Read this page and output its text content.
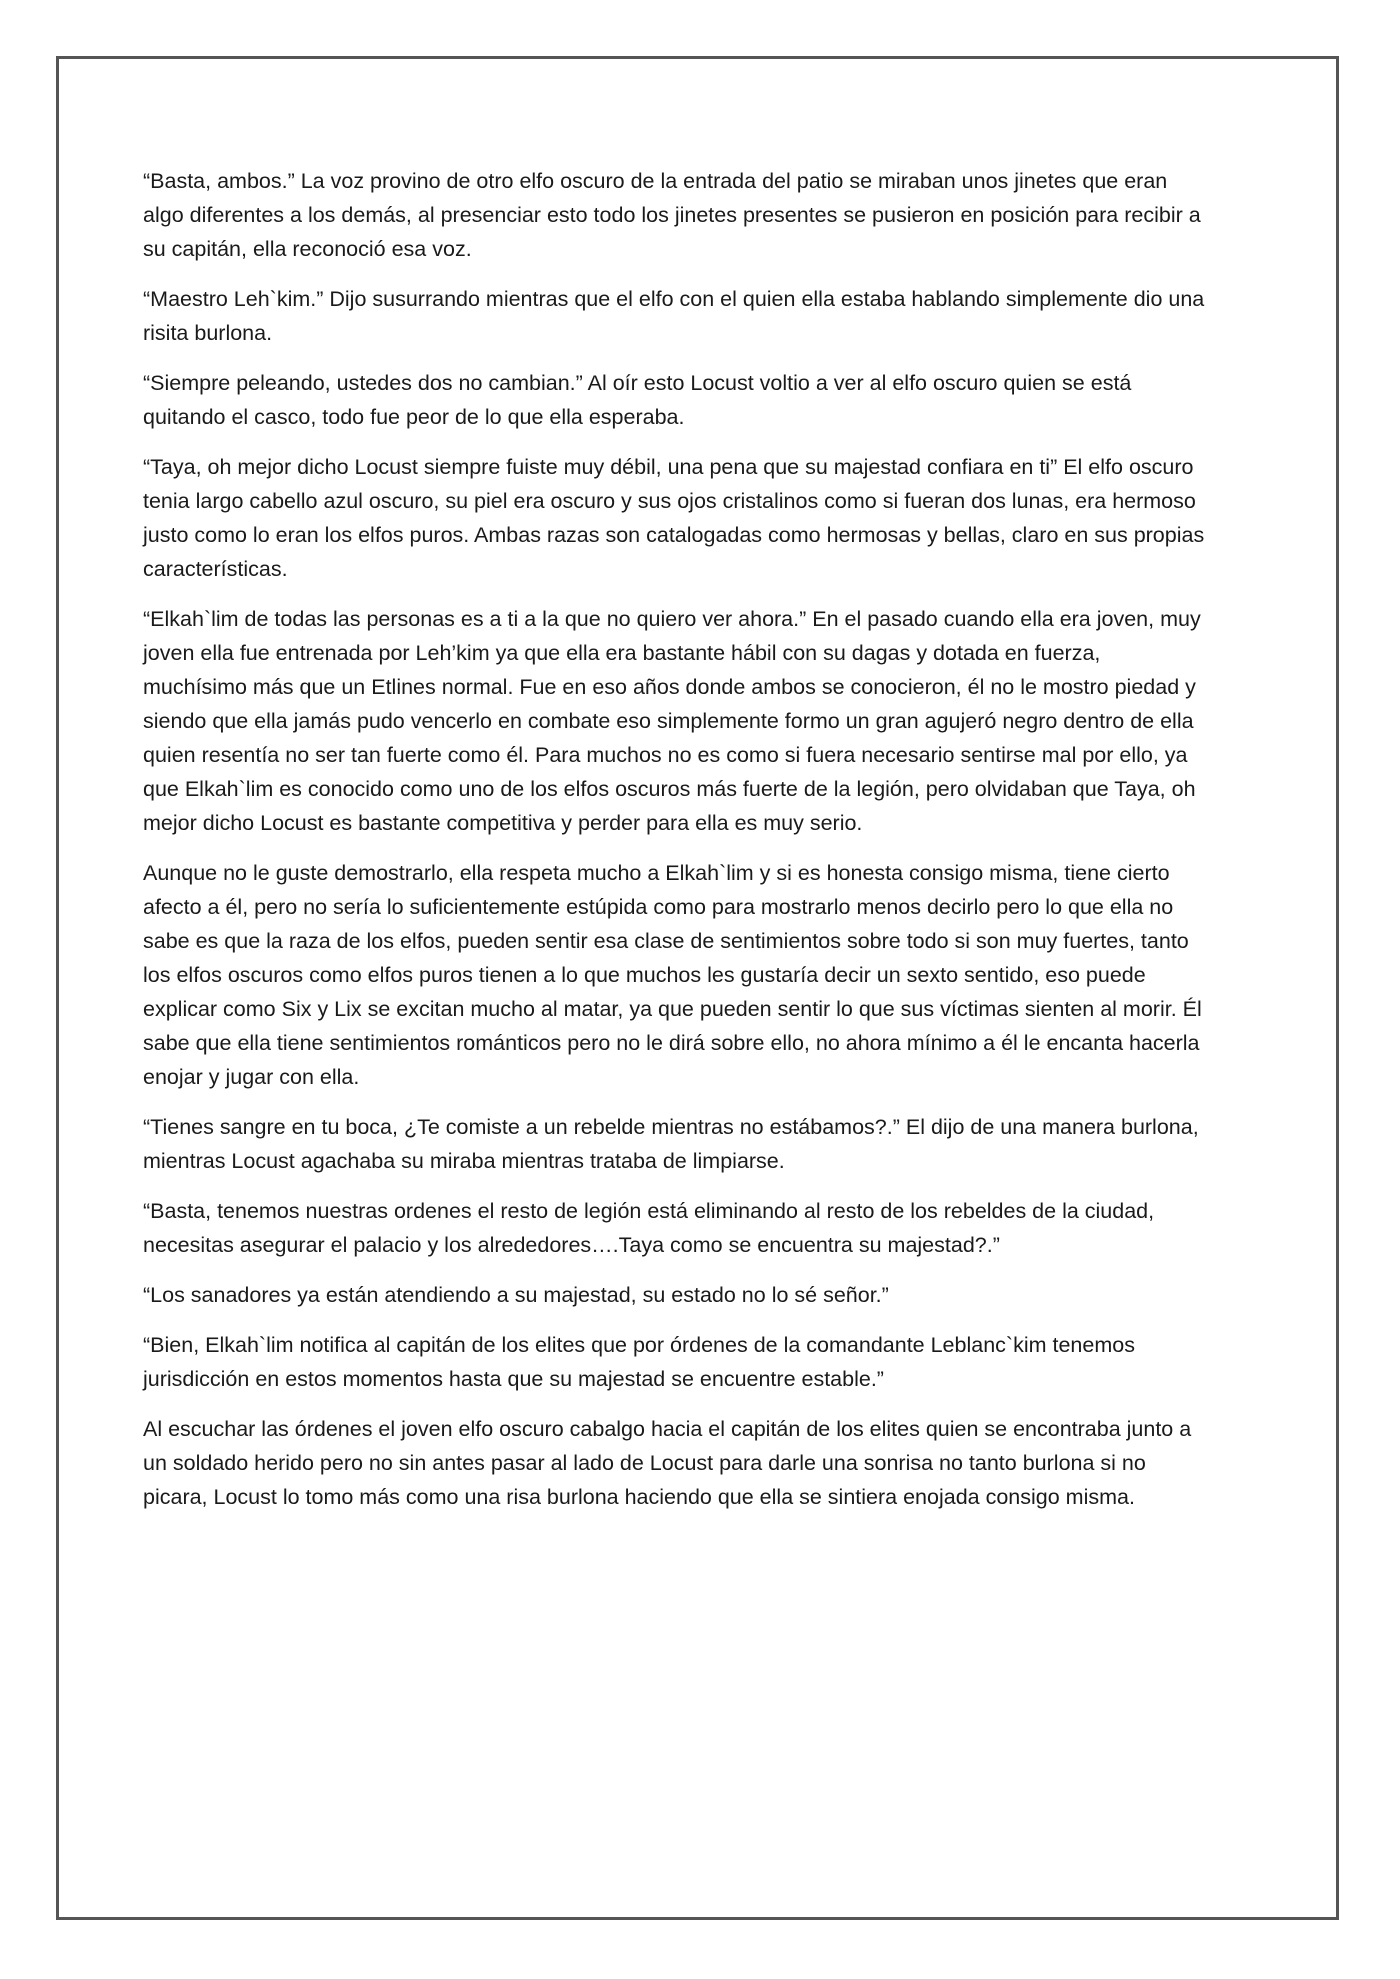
“Basta, ambos.” La voz provino de otro elfo oscuro de la entrada del patio se miraban unos jinetes que eran algo diferentes a los demás, al presenciar esto todo los jinetes presentes se pusieron en posición para recibir a su capitán, ella reconoció esa voz.

“Maestro Leh`kim.” Dijo susurrando mientras que el elfo con el quien ella estaba hablando simplemente dio una risita burlona.

“Siempre peleando, ustedes dos no cambian.” Al oír esto Locust voltio a ver al elfo oscuro quien se está quitando el casco, todo fue peor de lo que ella esperaba.

“Taya, oh mejor dicho Locust siempre fuiste muy débil, una pena que su majestad confiara en ti” El elfo oscuro tenia largo cabello azul oscuro, su piel era oscuro y sus ojos cristalinos como si fueran dos lunas, era hermoso justo como lo eran los elfos puros. Ambas razas son catalogadas como hermosas y bellas, claro en sus propias características.

“Elkah`lim de todas las personas es a ti a la que no quiero ver ahora.” En el pasado cuando ella era joven, muy joven ella fue entrenada por Leh’kim ya que ella era bastante hábil con su dagas y dotada en fuerza, muchísimo más que un Etlines normal. Fue en eso años donde ambos se conocieron, él no le mostro piedad y siendo que ella jamás pudo vencerlo en combate eso simplemente formo un gran agujeró negro dentro de ella quien resentía no ser tan fuerte como él. Para muchos no es como si fuera necesario sentirse mal por ello, ya que Elkah`lim es conocido como uno de los elfos oscuros más fuerte de la legión, pero olvidaban que Taya, oh mejor dicho Locust es bastante competitiva y perder para ella es muy serio.

Aunque no le guste demostrarlo, ella respeta mucho a Elkah`lim y si es honesta consigo misma, tiene cierto afecto a él, pero no sería lo suficientemente estúpida como para mostrarlo menos decirlo pero lo que ella no sabe es que la raza de los elfos, pueden sentir esa clase de sentimientos sobre todo si son muy fuertes, tanto los elfos oscuros como elfos puros tienen a lo que muchos les gustaría decir un sexto sentido, eso puede explicar como Six y Lix se excitan mucho al matar, ya que pueden sentir lo que sus víctimas sienten al morir. Él sabe que ella tiene sentimientos románticos pero no le dirá sobre ello, no ahora mínimo a él le encanta hacerla enojar y jugar con ella.

“Tienes sangre en tu boca, ¿Te comiste a un rebelde mientras no estábamos?.” El dijo de una manera burlona, mientras Locust agachaba su miraba mientras trataba de limpiarse.

“Basta, tenemos nuestras ordenes el resto de legión está eliminando al resto de los rebeldes de la ciudad, necesitas asegurar el palacio y los alrededores….Taya como se encuentra su majestad?.”

“Los sanadores ya están atendiendo a su majestad, su estado no lo sé señor.”

“Bien, Elkah`lim notifica al capitán de los elites que por órdenes de la comandante Leblanc`kim tenemos jurisdicción en estos momentos hasta que su majestad se encuentre estable.”

Al escuchar las órdenes el joven elfo oscuro cabalgo hacia el capitán de los elites quien se encontraba junto a un soldado herido pero no sin antes pasar al lado de Locust para darle una sonrisa no tanto burlona si no picara, Locust lo tomo más como una risa burlona haciendo que ella se sintiera enojada consigo misma.
